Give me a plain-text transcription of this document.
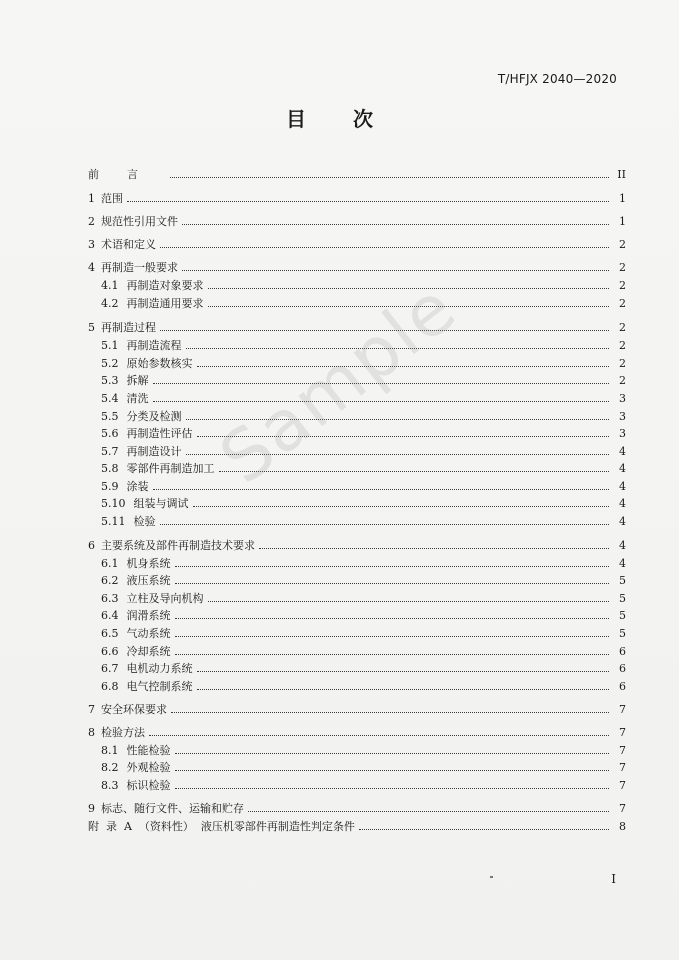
T/HFJX 2040—2020
目 次
前言	II
1 范围	1
2 规范性引用文件	1
3 术语和定义	2
4 再制造一般要求	2
4.1 再制造对象要求	2
4.2 再制造通用要求	2
5 再制造过程	2
5.1 再制造流程	2
5.2 原始参数核实	2
5.3 拆解	2
5.4 清洗	3
5.5 分类及检测	3
5.6 再制造性评估	3
5.7 再制造设计	4
5.8 零部件再制造加工	4
5.9 涂装	4
5.10 组装与调试	4
5.11 检验	4
6 主要系统及部件再制造技术要求	4
6.1 机身系统	4
6.2 液压系统	5
6.3 立柱及导向机构	5
6.4 润滑系统	5
6.5 气动系统	5
6.6 冷却系统	6
6.7 电机动力系统	6
6.8 电气控制系统	6
7 安全环保要求	7
8 检验方法	7
8.1 性能检验	7
8.2 外观检验	7
8.3 标识检验	7
9 标志、随行文件、运输和贮存	7
附  录  A  （资料性）  液压机零部件再制造性判定条件	8
I
Sample
